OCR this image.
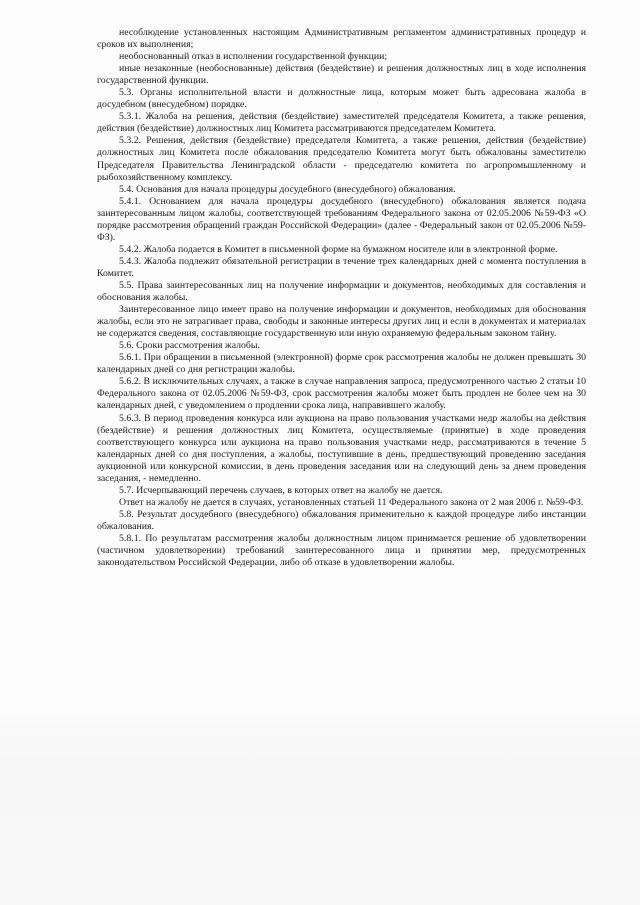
несоблюдение установленных настоящим Административным регламентом административных процедур и сроков их выполнения;

необоснованный отказ в исполнении государственной функции;

иные незаконные (необоснованные) действия (бездействие) и решения должностных лиц в ходе исполнения государственной функции.

5.3. Органы исполнительной власти и должностные лица, которым может быть адресована жалоба в досудебном (внесудебном) порядке.

5.3.1. Жалоба на решения, действия (бездействие) заместителей председателя Комитета, а также решения, действия (бездействие) должностных лиц Комитета рассматриваются председателем Комитета.

5.3.2. Решения, действия (бездействие) председателя Комитета, а также решения, действия (бездействие) должностных лиц Комитета после обжалования председателю Комитета могут быть обжалованы заместителю Председателя Правительства Ленинградской области - председателю комитета по агропромышленному и рыбохозяйственному комплексу.

5.4. Основания для начала процедуры досудебного (внесудебного) обжалования.

5.4.1. Основанием для начала процедуры досудебного (внесудебного) обжалования является подача заинтересованным лицом жалобы, соответствующей требованиям Федерального закона от 02.05.2006 №59-ФЗ «О порядке рассмотрения обращений граждан Российской Федерации» (далее - Федеральный закон от 02.05.2006 №59-ФЗ).

5.4.2. Жалоба подается в Комитет в письменной форме на бумажном носителе или в электронной форме.

5.4.3. Жалоба подлежит обязательной регистрации в течение трех календарных дней с момента поступления в Комитет.

5.5. Права заинтересованных лиц на получение информации и документов, необходимых для составления и обоснования жалобы.

Заинтересованное лицо имеет право на получение информации и документов, необходимых для обоснования жалобы, если это не затрагивает права, свободы и законные интересы других лиц и если в документах и материалах не содержатся сведения, составляющие государственную или иную охраняемую федеральным законом тайну.

5.6. Сроки рассмотрения жалобы.

5.6.1. При обращении в письменной (электронной) форме срок рассмотрения жалобы не должен превышать 30 календарных дней со дня регистрации жалобы.

5.6.2. В исключительных случаях, а также в случае направления запроса, предусмотренного частью 2 статьи 10 Федерального закона от 02.05.2006 №59-ФЗ, срок рассмотрения жалобы может быть продлен не более чем на 30 календарных дней, с уведомлением о продлении срока лица, направившего жалобу.

5.6.3. В период проведения конкурса или аукциона на право пользования участками недр жалобы на действия (бездействие) и решения должностных лиц Комитета, осуществляемые (принятые) в ходе проведения соответствующего конкурса или аукциона на право пользования участками недр, рассматриваются в течение 5 календарных дней со дня поступления, а жалобы, поступившие в день, предшествующий проведению заседания аукционной или конкурсной комиссии, в день проведения заседания или на следующий день за днем проведения заседания, - немедленно.

5.7. Исчерпывающий перечень случаев, в которых ответ на жалобу не дается.

Ответ на жалобу не дается в случаях, установленных статьей 11 Федерального закона от 2 мая 2006 г. №59-ФЗ.

5.8. Результат досудебного (внесудебного) обжалования применительно к каждой процедуре либо инстанции обжалования.

5.8.1. По результатам рассмотрения жалобы должностным лицом принимается решение об удовлетворении (частичном удовлетворении) требований заинтересованного лица и принятии мер, предусмотренных законодательством Российской Федерации, либо об отказе в удовлетворении жалобы.
